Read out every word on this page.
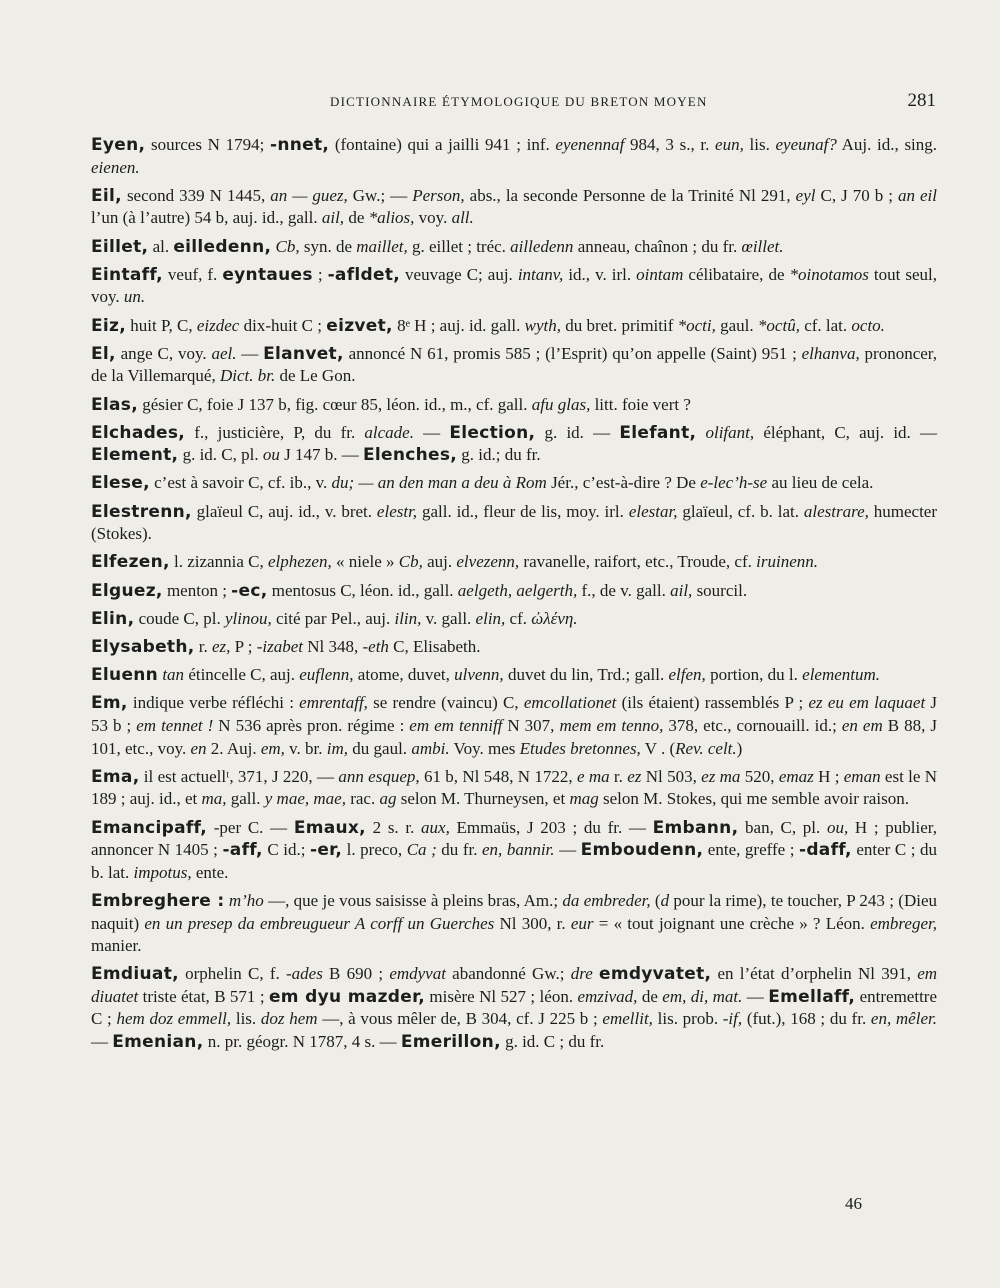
DICTIONNAIRE ÉTYMOLOGIQUE DU BRETON MOYEN	281

Eyen, sources N 1794; -nnet, (fontaine) qui a jailli 941 ; inf. eyenennaf 984, 3 s., r. eun, lis. eyeunaf? Auj. id., sing. eienen.

Eil, second 339 N 1445, an — guez, Gw.; — Person, abs., la seconde Personne de la Trinité Nl 291, eyl C, J 70 b ; an eil l’un (à l’autre) 54 b, auj. id., gall. ail, de *alios, voy. all.

Eillet, al. eilledenn, Cb, syn. de maillet, g. eillet ; tréc. ailledenn anneau, chaînon ; du fr. œillet.

Eintaff, veuf, f. eyntaues ; -afldet, veuvage C; auj. intanv, id., v. irl. ointam célibataire, de *oinotamos tout seul, voy. un.

Eiz, huit P, C, eizdec dix-huit C ; eizvet, 8ᵉ H ; auj. id. gall. wyth, du bret. primitif *octi, gaul. *octû, cf. lat. octo.

El, ange C, voy. ael. — Elanvet, annoncé N 61, promis 585 ; (l’Esprit) qu’on appelle (Saint) 951 ; elhanva, prononcer, de la Villemarqué, Dict. br. de Le Gon.

Elas, gésier C, foie J 137 b, fig. cœur 85, léon. id., m., cf. gall. afu glas, litt. foie vert ?

Elchades, f., justicière, P, du fr. alcade. — Election, g. id. — Elefant, olifant, éléphant, C, auj. id. — Element, g. id. C, pl. ou J 147 b. — Elenches, g. id.; du fr.

Elese, c’est à savoir C, cf. ib., v. du; — an den man a deu à Rom Jér., c’est-à-dire ? De e-lec’h-se au lieu de cela.

Elestrenn, glaïeul C, auj. id., v. bret. elestr, gall. id., fleur de lis, moy. irl. elestar, glaïeul, cf. b. lat. alestrare, humecter (Stokes).

Elfezen, l. zizannia C, elphezen, « niele » Cb, auj. elvezenn, ravanelle, raifort, etc., Troude, cf. iruinenn.

Elguez, menton ; -ec, mentosus C, léon. id., gall. aelgeth, aelgerth, f., de v. gall. ail, sourcil.

Elin, coude C, pl. ylinou, cité par Pel., auj. ilin, v. gall. elin, cf. ὠλένη.

Elysabeth, r. ez, P ; -izabet Nl 348, -eth C, Elisabeth.

Eluenn tan étincelle C, auj. euflenn, atome, duvet, ulvenn, duvet du lin, Trd.; gall. elfen, portion, du l. elementum.

Em, indique verbe réfléchi : emrentaff, se rendre (vaincu) C, emcollationet (ils étaient) rassemblés P ; ez eu em laquaet J 53 b ; em tennet ! N 536 après pron. régime : em em tenniff N 307, mem em tenno, 378, etc., cornouaill. id.; en em B 88, J 101, etc., voy. en 2. Auj. em, v. br. im, du gaul. ambi. Voy. mes Etudes bretonnes, V . (Rev. celt.)

Ema, il est actuellᵗ, 371, J 220, — ann esquep, 61 b, Nl 548, N 1722, e ma r. ez Nl 503, ez ma 520, emaz H ; eman est le N 189 ; auj. id., et ma, gall. y mae, mae, rac. ag selon M. Thurneysen, et mag selon M. Stokes, qui me semble avoir raison.

Emancipaff, -per C. — Emaux, 2 s. r. aux, Emmaüs, J 203 ; du fr. — Embann, ban, C, pl. ou, H ; publier, annoncer N 1405 ; -aff, C id.; -er, l. preco, Ca ; du fr. en, bannir. — Emboudenn, ente, greffe ; -daff, enter C ; du b. lat. impotus, ente.

Embreghere : m’ho —, que je vous saisisse à pleins bras, Am.; da embreder, (d pour la rime), te toucher, P 243 ; (Dieu naquit) en un presep da embreugueur A corff un Guerches Nl 300, r. eur = « tout joignant une crèche » ? Léon. embreger, manier.

Emdiuat, orphelin C, f. -ades B 690 ; emdyvat abandonné Gw.; dre emdyvatet, en l’état d’orphelin Nl 391, em diuatet triste état, B 571 ; em dyu mazder, misère Nl 527 ; léon. emzivad, de em, di, mat. — Emellaff, entremettre C ; hem doz emmell, lis. doz hem —, à vous mêler de, B 304, cf. J 225 b ; emellit, lis. prob. -if, (fut.), 168 ; du fr. en, mêler. — Emenian, n. pr. géogr. N 1787, 4 s. — Emerillon, g. id. C ; du fr.

46
